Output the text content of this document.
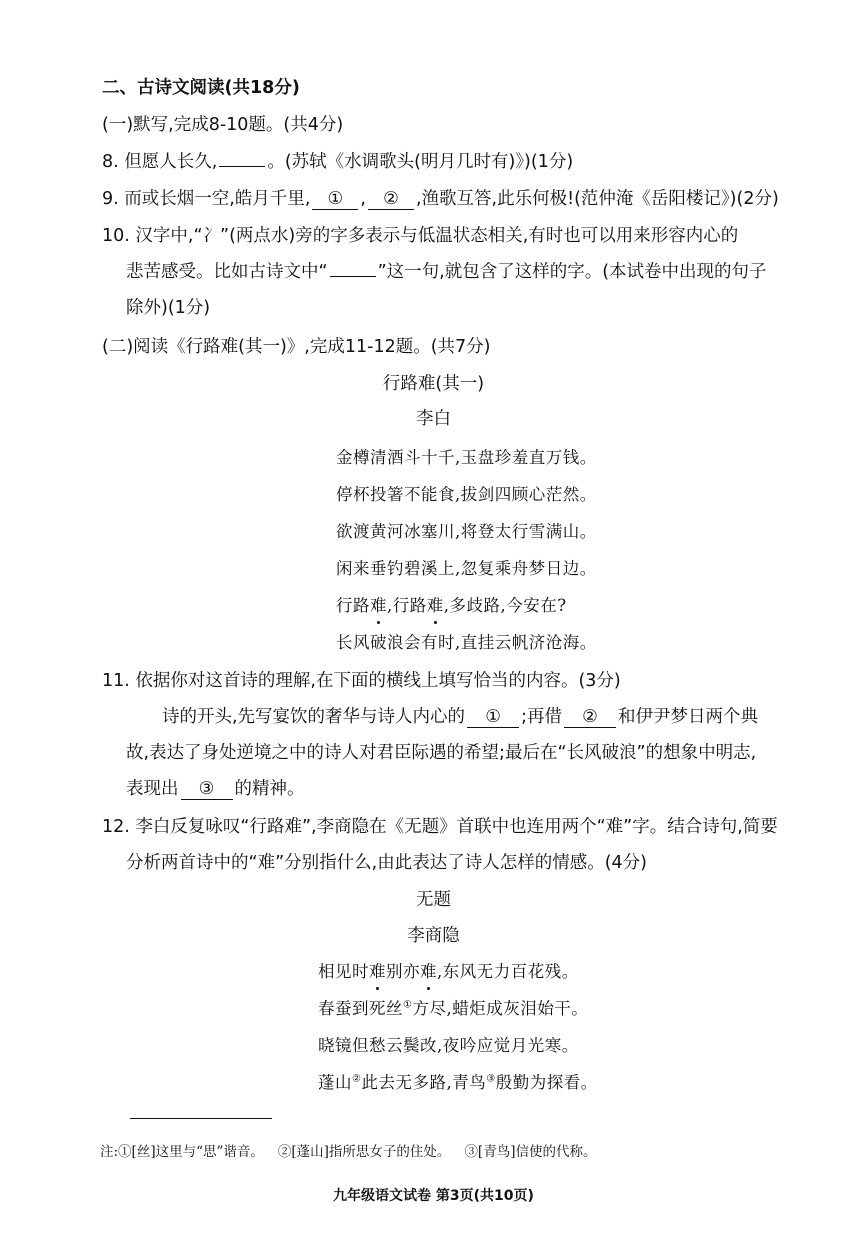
二、古诗文阅读(共18分)
(一)默写,完成8-10题。(共4分)
8. 但愿人长久,	。(苏轼《水调歌头(明月几时有)》)(1分)
9. 而或长烟一空,皓月千里, ① , ② ,渔歌互答,此乐何极!(范仲淹《岳阳楼记》)(2分)
10. 汉字中,“冫”(两点水)旁的字多表示与低温状态相关,有时也可以用来形容内心的
悲苦感受。比如古诗文中“	”这一句,就包含了这样的字。(本试卷中出现的句子
除外)(1分)
(二)阅读《行路难(其一)》,完成11-12题。(共7分)
行路难(其一)
李白
金樽清酒斗十千,玉盘珍羞直万钱。
停杯投箸不能食,拔剑四顾心茫然。
欲渡黄河冰塞川,将登太行雪满山。
闲来垂钓碧溪上,忽复乘舟梦日边。
行路难,行路难,多歧路,今安在?
长风破浪会有时,直挂云帆济沧海。
11. 依据你对这首诗的理解,在下面的横线上填写恰当的内容。(3分)
诗的开头,先写宴饮的奢华与诗人内心的 ① ;再借 ② 和伊尹梦日两个典
故,表达了身处逆境之中的诗人对君臣际遇的希望;最后在“长风破浪”的想象中明志,
表现出 ③ 的精神。
12. 李白反复咏叹“行路难”,李商隐在《无题》首联中也连用两个“难”字。结合诗句,简要
分析两首诗中的“难”分别指什么,由此表达了诗人怎样的情感。(4分)
无题
李商隐
相见时难别亦难,东风无力百花残。
春蚕到死丝①方尽,蜡炬成灰泪始干。
晓镜但愁云鬓改,夜吟应觉月光寒。
蓬山②此去无多路,青鸟③殷勤为探看。
注:①[丝]这里与“思”谐音。 ②[蓬山]指所思女子的住处。 ③[青鸟]信使的代称。
九年级语文试卷 第3页(共10页)
